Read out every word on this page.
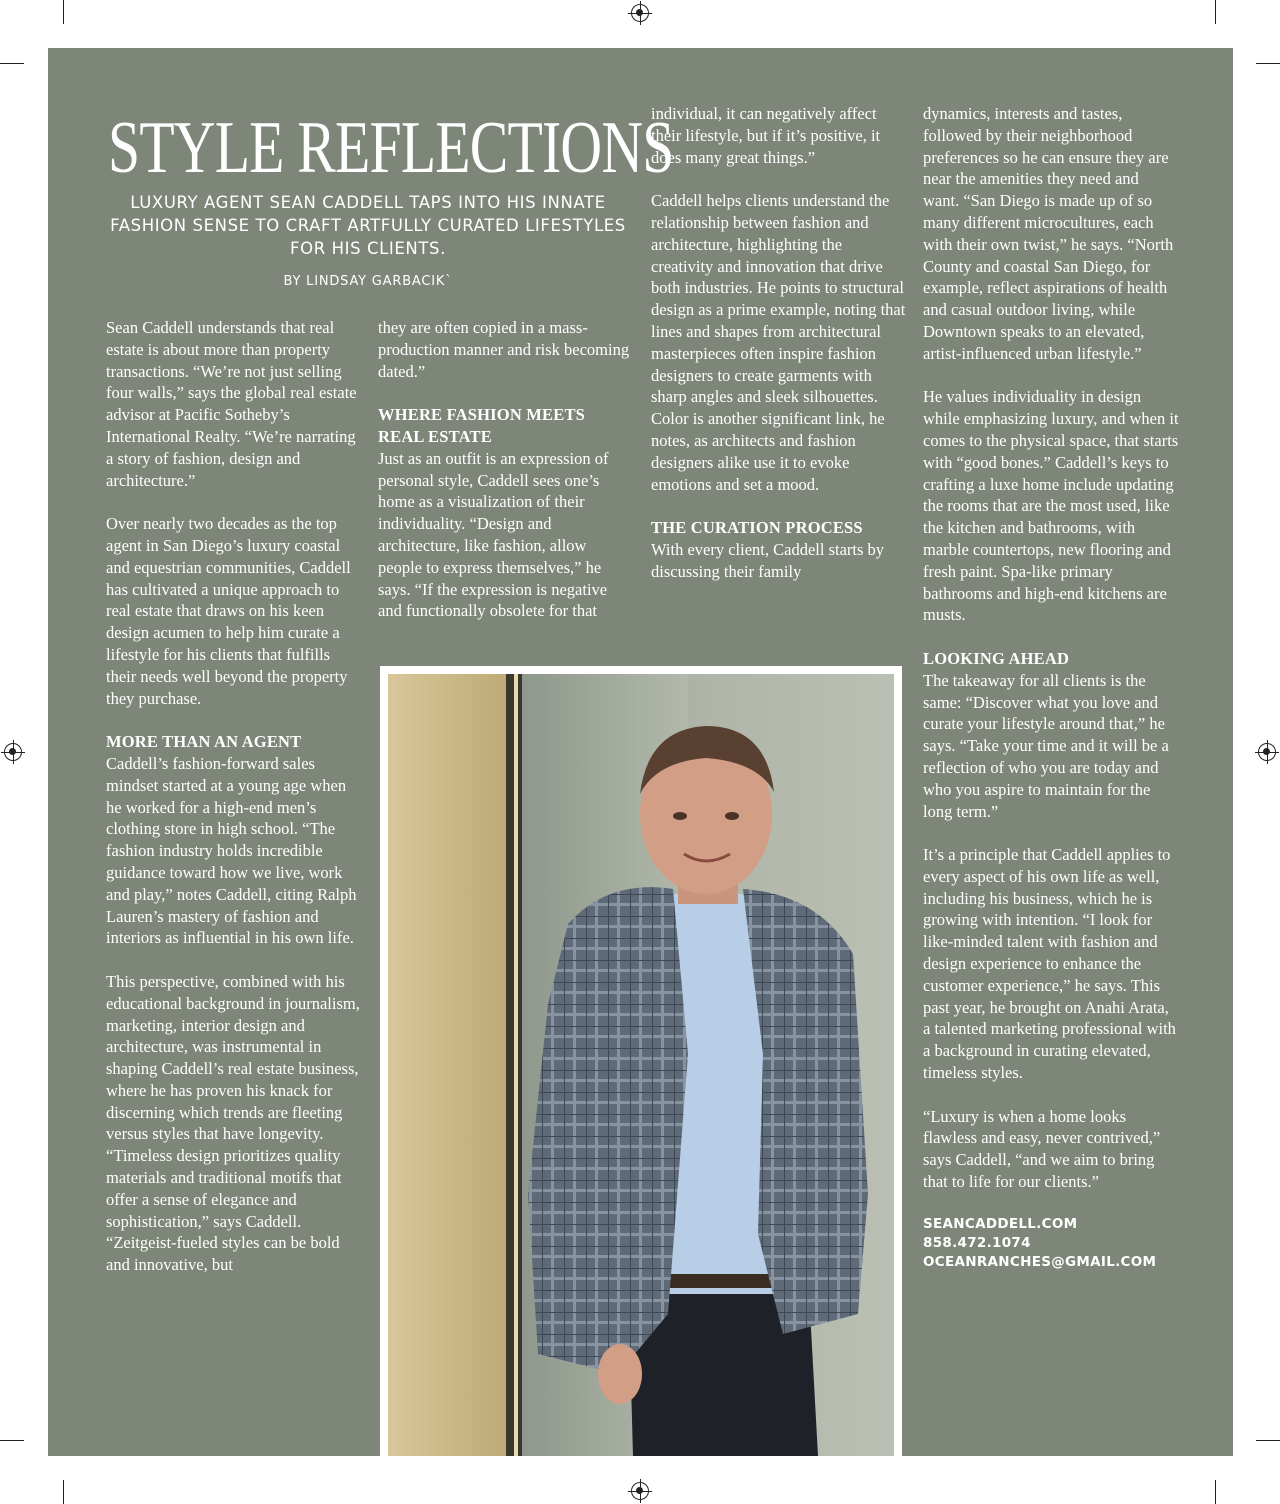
STYLE REFLECTIONS
LUXURY AGENT SEAN CADDELL TAPS INTO HIS INNATE FASHION SENSE TO CRAFT ARTFULLY CURATED LIFESTYLES FOR HIS CLIENTS.
BY LINDSAY GARBACIK`

Sean Caddell understands that real estate is about more than property transactions. “We’re not just selling four walls,” says the global real estate advisor at Pacific Sotheby’s International Realty. “We’re narrating a story of fashion, design and architecture.”

Over nearly two decades as the top agent in San Diego’s luxury coastal and equestrian communities, Caddell has cultivated a unique approach to real estate that draws on his keen design acumen to help him curate a lifestyle for his clients that fulfills their needs well beyond the property they purchase.

MORE THAN AN AGENT

Caddell’s fashion-forward sales mindset started at a young age when he worked for a high-end men’s clothing store in high school. “The fashion industry holds incredible guidance toward how we live, work and play,” notes Caddell, citing Ralph Lauren’s mastery of fashion and interiors as influential in his own life.

This perspective, combined with his educational background in journalism, marketing, interior design and architecture, was instrumental in shaping Caddell’s real estate business, where he has proven his knack for discerning which trends are fleeting versus styles that have longevity. “Timeless design prioritizes quality materials and traditional motifs that offer a sense of elegance and sophistication,” says Caddell. “Zeitgeist-fueled styles can be bold and innovative, but

they are often copied in a mass-production manner and risk becoming dated.”

WHERE FASHION MEETS REAL ESTATE

Just as an outfit is an expression of personal style, Caddell sees one’s home as a visualization of their individuality. “Design and architecture, like fashion, allow people to express themselves,” he says. “If the expression is negative and functionally obsolete for that

individual, it can negatively affect their lifestyle, but if it’s positive, it does many great things.”

Caddell helps clients understand the relationship between fashion and architecture, highlighting the creativity and innovation that drive both industries. He points to structural design as a prime example, noting that lines and shapes from architectural masterpieces often inspire fashion designers to create garments with sharp angles and sleek silhouettes. Color is another significant link, he notes, as architects and fashion designers alike use it to evoke emotions and set a mood.

THE CURATION PROCESS

With every client, Caddell starts by discussing their family

dynamics, interests and tastes, followed by their neighborhood preferences so he can ensure they are near the amenities they need and want. “San Diego is made up of so many different microcultures, each with their own twist,” he says. “North County and coastal San Diego, for example, reflect aspirations of health and casual outdoor living, while Downtown speaks to an elevated, artist-influenced urban lifestyle.”

He values individuality in design while emphasizing luxury, and when it comes to the physical space, that starts with “good bones.” Caddell’s keys to crafting a luxe home include updating the rooms that are the most used, like the kitchen and bathrooms, with marble countertops, new flooring and fresh paint. Spa-like primary bathrooms and high-end kitchens are musts.

LOOKING AHEAD

The takeaway for all clients is the same: “Discover what you love and curate your lifestyle around that,” he says. “Take your time and it will be a reflection of who you are today and who you aspire to maintain for the long term.”

It’s a principle that Caddell applies to every aspect of his own life as well, including his business, which he is growing with intention. “I look for like-minded talent with fashion and design experience to enhance the customer experience,” he says. This past year, he brought on Anahi Arata, a talented marketing professional with a background in curating elevated, timeless styles.

“Luxury is when a home looks flawless and easy, never contrived,” says Caddell, “and we aim to bring that to life for our clients.”

SEANCADDELL.COM
858.472.1074
OCEANRANCHES@GMAIL.COM
